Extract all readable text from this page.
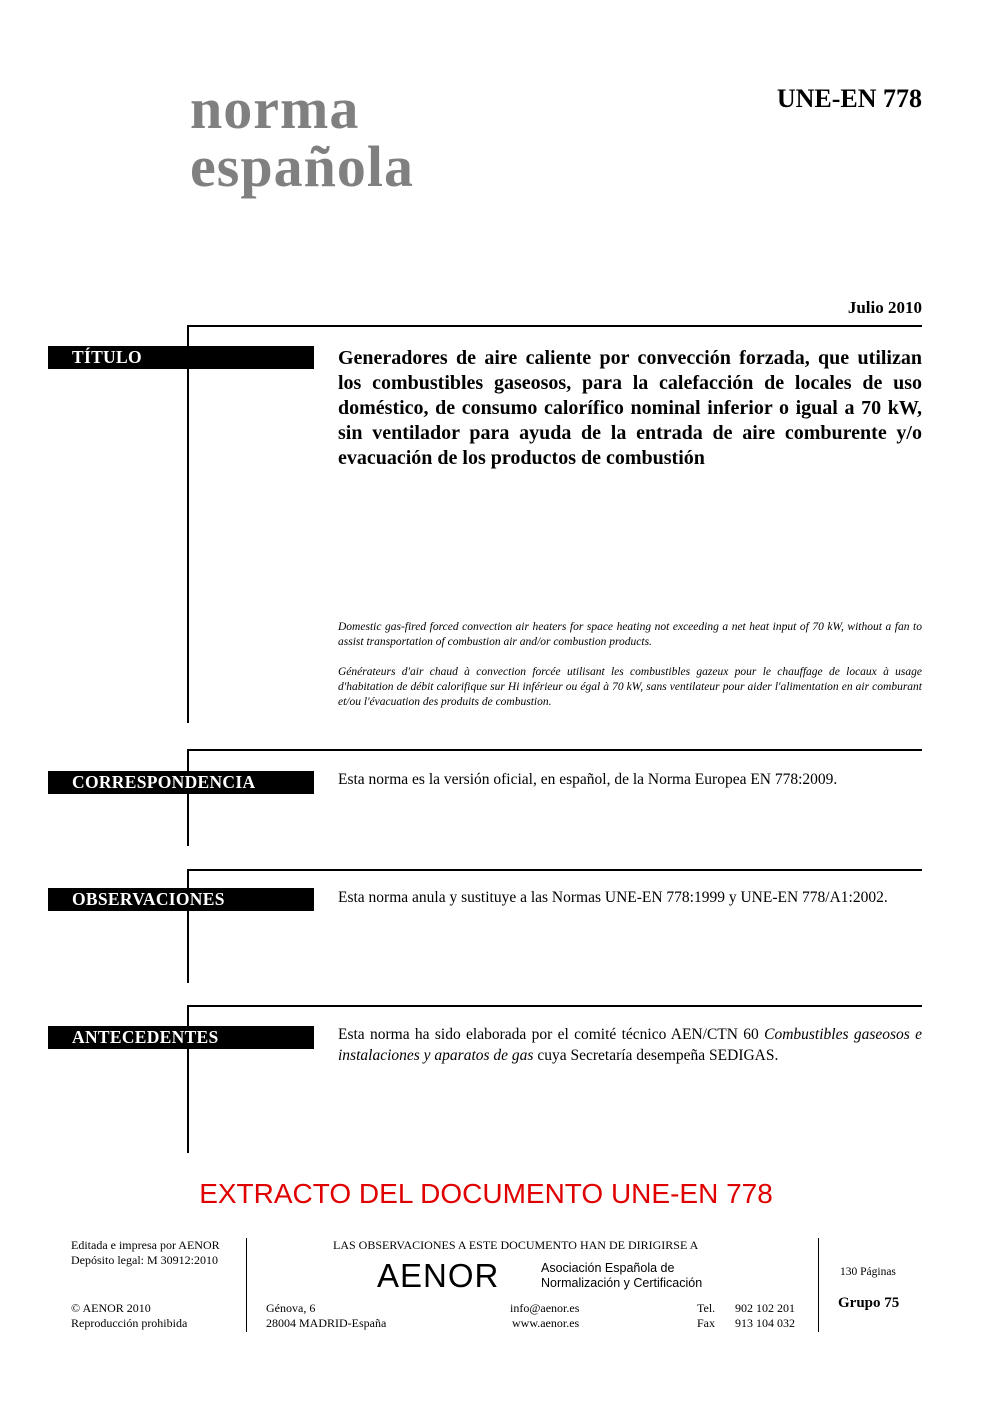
norma
española
UNE-EN 778
Julio 2010
TÍTULO	Generadores de aire caliente por convección forzada, que utilizan los combustibles gaseosos, para la calefacción de locales de uso doméstico, de consumo calorífico nominal inferior o igual a 70 kW, sin ventilador para ayuda de la entrada de aire comburente y/o evacuación de los productos de combustión
Domestic gas-fired forced convection air heaters for space heating not exceeding a net heat input of 70 kW, without a fan to assist transportation of combustion air and/or combustion products.
Générateurs d'air chaud à convection forcée utilisant les combustibles gazeux pour le chauffage de locaux à usage d'habitation de débit calorifique sur Hi inférieur ou égal à 70 kW, sans ventilateur pour aider l'alimentation en air comburant et/ou l'évacuation des produits de combustion.
CORRESPONDENCIA	Esta norma es la versión oficial, en español, de la Norma Europea EN 778:2009.
OBSERVACIONES	Esta norma anula y sustituye a las Normas UNE-EN 778:1999 y UNE-EN 778/A1:2002.
ANTECEDENTES	Esta norma ha sido elaborada por el comité técnico AEN/CTN 60 Combustibles gaseosos e instalaciones y aparatos de gas cuya Secretaría desempeña SEDIGAS.
EXTRACTO DEL DOCUMENTO UNE-EN 778
Editada e impresa por AENOR
Depósito legal: M 30912:2010
© AENOR 2010
Reproducción prohibida
LAS OBSERVACIONES A ESTE DOCUMENTO HAN DE DIRIGIRSE A
AENOR	Asociación Española de
Normalización y Certificación
Génova, 6
28004 MADRID-España
info@aenor.es
www.aenor.es
Tel. 902 102 201
Fax 913 104 032
130 Páginas
Grupo 75
